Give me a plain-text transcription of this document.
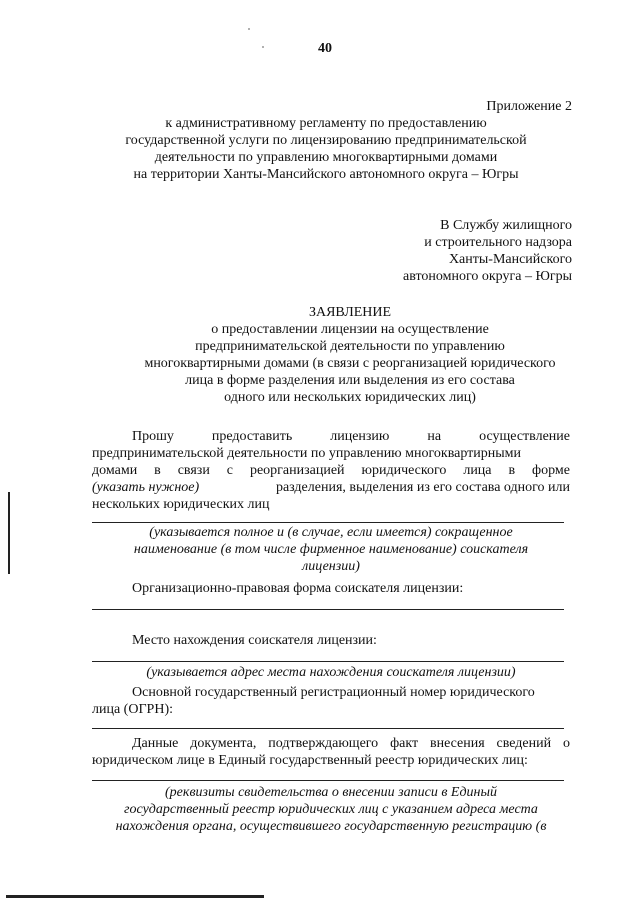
40
Приложение 2
к административному регламенту по предоставлению
государственной услуги по лицензированию предпринимательской
деятельности по управлению многоквартирными домами
на территории Ханты-Мансийского автономного округа – Югры
В Службу жилищного
и строительного надзора
Ханты-Мансийского
автономного округа – Югры
ЗАЯВЛЕНИЕ
о предоставлении лицензии на осуществление
предпринимательской деятельности по управлению
многоквартирными домами (в связи с реорганизацией юридического
лица в форме разделения или выделения из его состава
одного или нескольких юридических лиц)
Прошу	предоставить	лицензию	на	осуществление
предпринимательской деятельности по управлению многоквартирными
домами в связи с реорганизацией юридического лица в форме
(указать нужное)	разделения, выделения из его состава одного или
нескольких юридических лиц
(указывается полное и (в случае, если имеется) сокращенное
наименование (в том числе фирменное наименование) соискателя
лицензии)
Организационно-правовая форма соискателя лицензии:
Место нахождения соискателя лицензии:
(указывается адрес места нахождения соискателя лицензии)
Основной государственный регистрационный номер юридического
лица (ОГРН):
Данные документа, подтверждающего факт внесения сведений о
юридическом лице в Единый государственный реестр юридических лиц:
(реквизиты свидетельства о внесении записи в Единый
государственный реестр юридических лиц с указанием адреса места
нахождения органа, осуществившего государственную регистрацию (в
